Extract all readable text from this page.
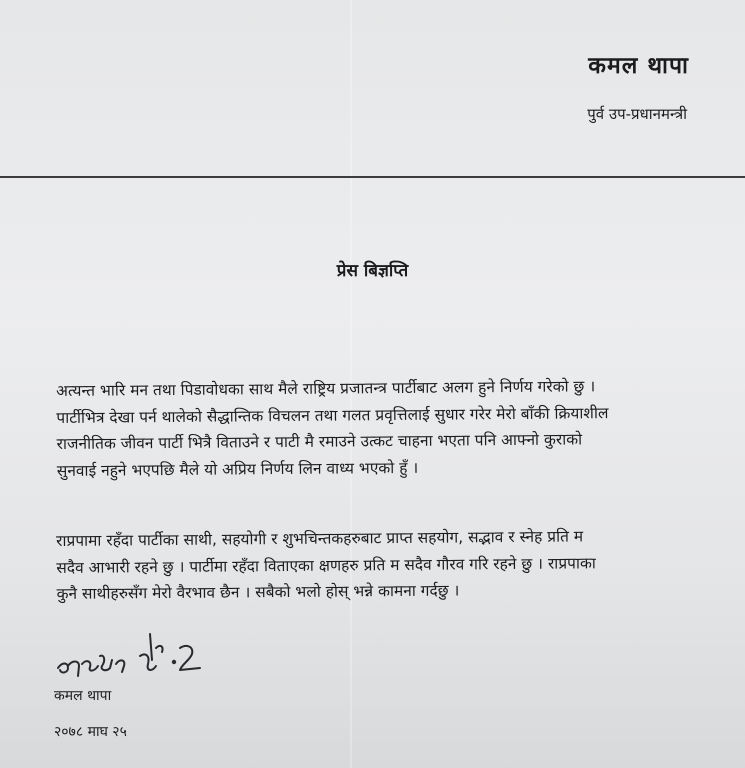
कमल थापा
पुर्व उप-प्रधानमन्त्री
प्रेस बिज्ञप्ति
अत्यन्त भारि मन तथा पिडावोधका साथ मैले राष्ट्रिय प्रजातन्त्र पार्टीबाट अलग हुने निर्णय गरेको छु ।
पार्टीभित्र देखा पर्न थालेको सैद्धान्तिक विचलन तथा गलत प्रवृत्तिलाई सुधार गरेर मेरो बाँकी क्रियाशील
राजनीतिक जीवन पार्टी भित्रै विताउने र पाटी मै रमाउने उत्कट चाहना भएता पनि आफ्नो कुराको
सुनवाई नहुने भएपछि मैले यो अप्रिय निर्णय लिन वाध्य भएको हुँ ।
राप्रपामा रहँदा पार्टीका साथी, सहयोगी र शुभचिन्तकहरुबाट प्राप्त सहयोग, सद्भाव र स्नेह प्रति म
सदैव आभारी रहने छु । पार्टीमा रहँदा विताएका क्षणहरु प्रति म सदैव गौरव गरि रहने छु । राप्रपाका
कुनै साथीहरुसँग मेरो वैरभाव छैन । सबैको भलो होस् भन्ने कामना गर्दछु ।
कमल थापा
२०७८ माघ २५
